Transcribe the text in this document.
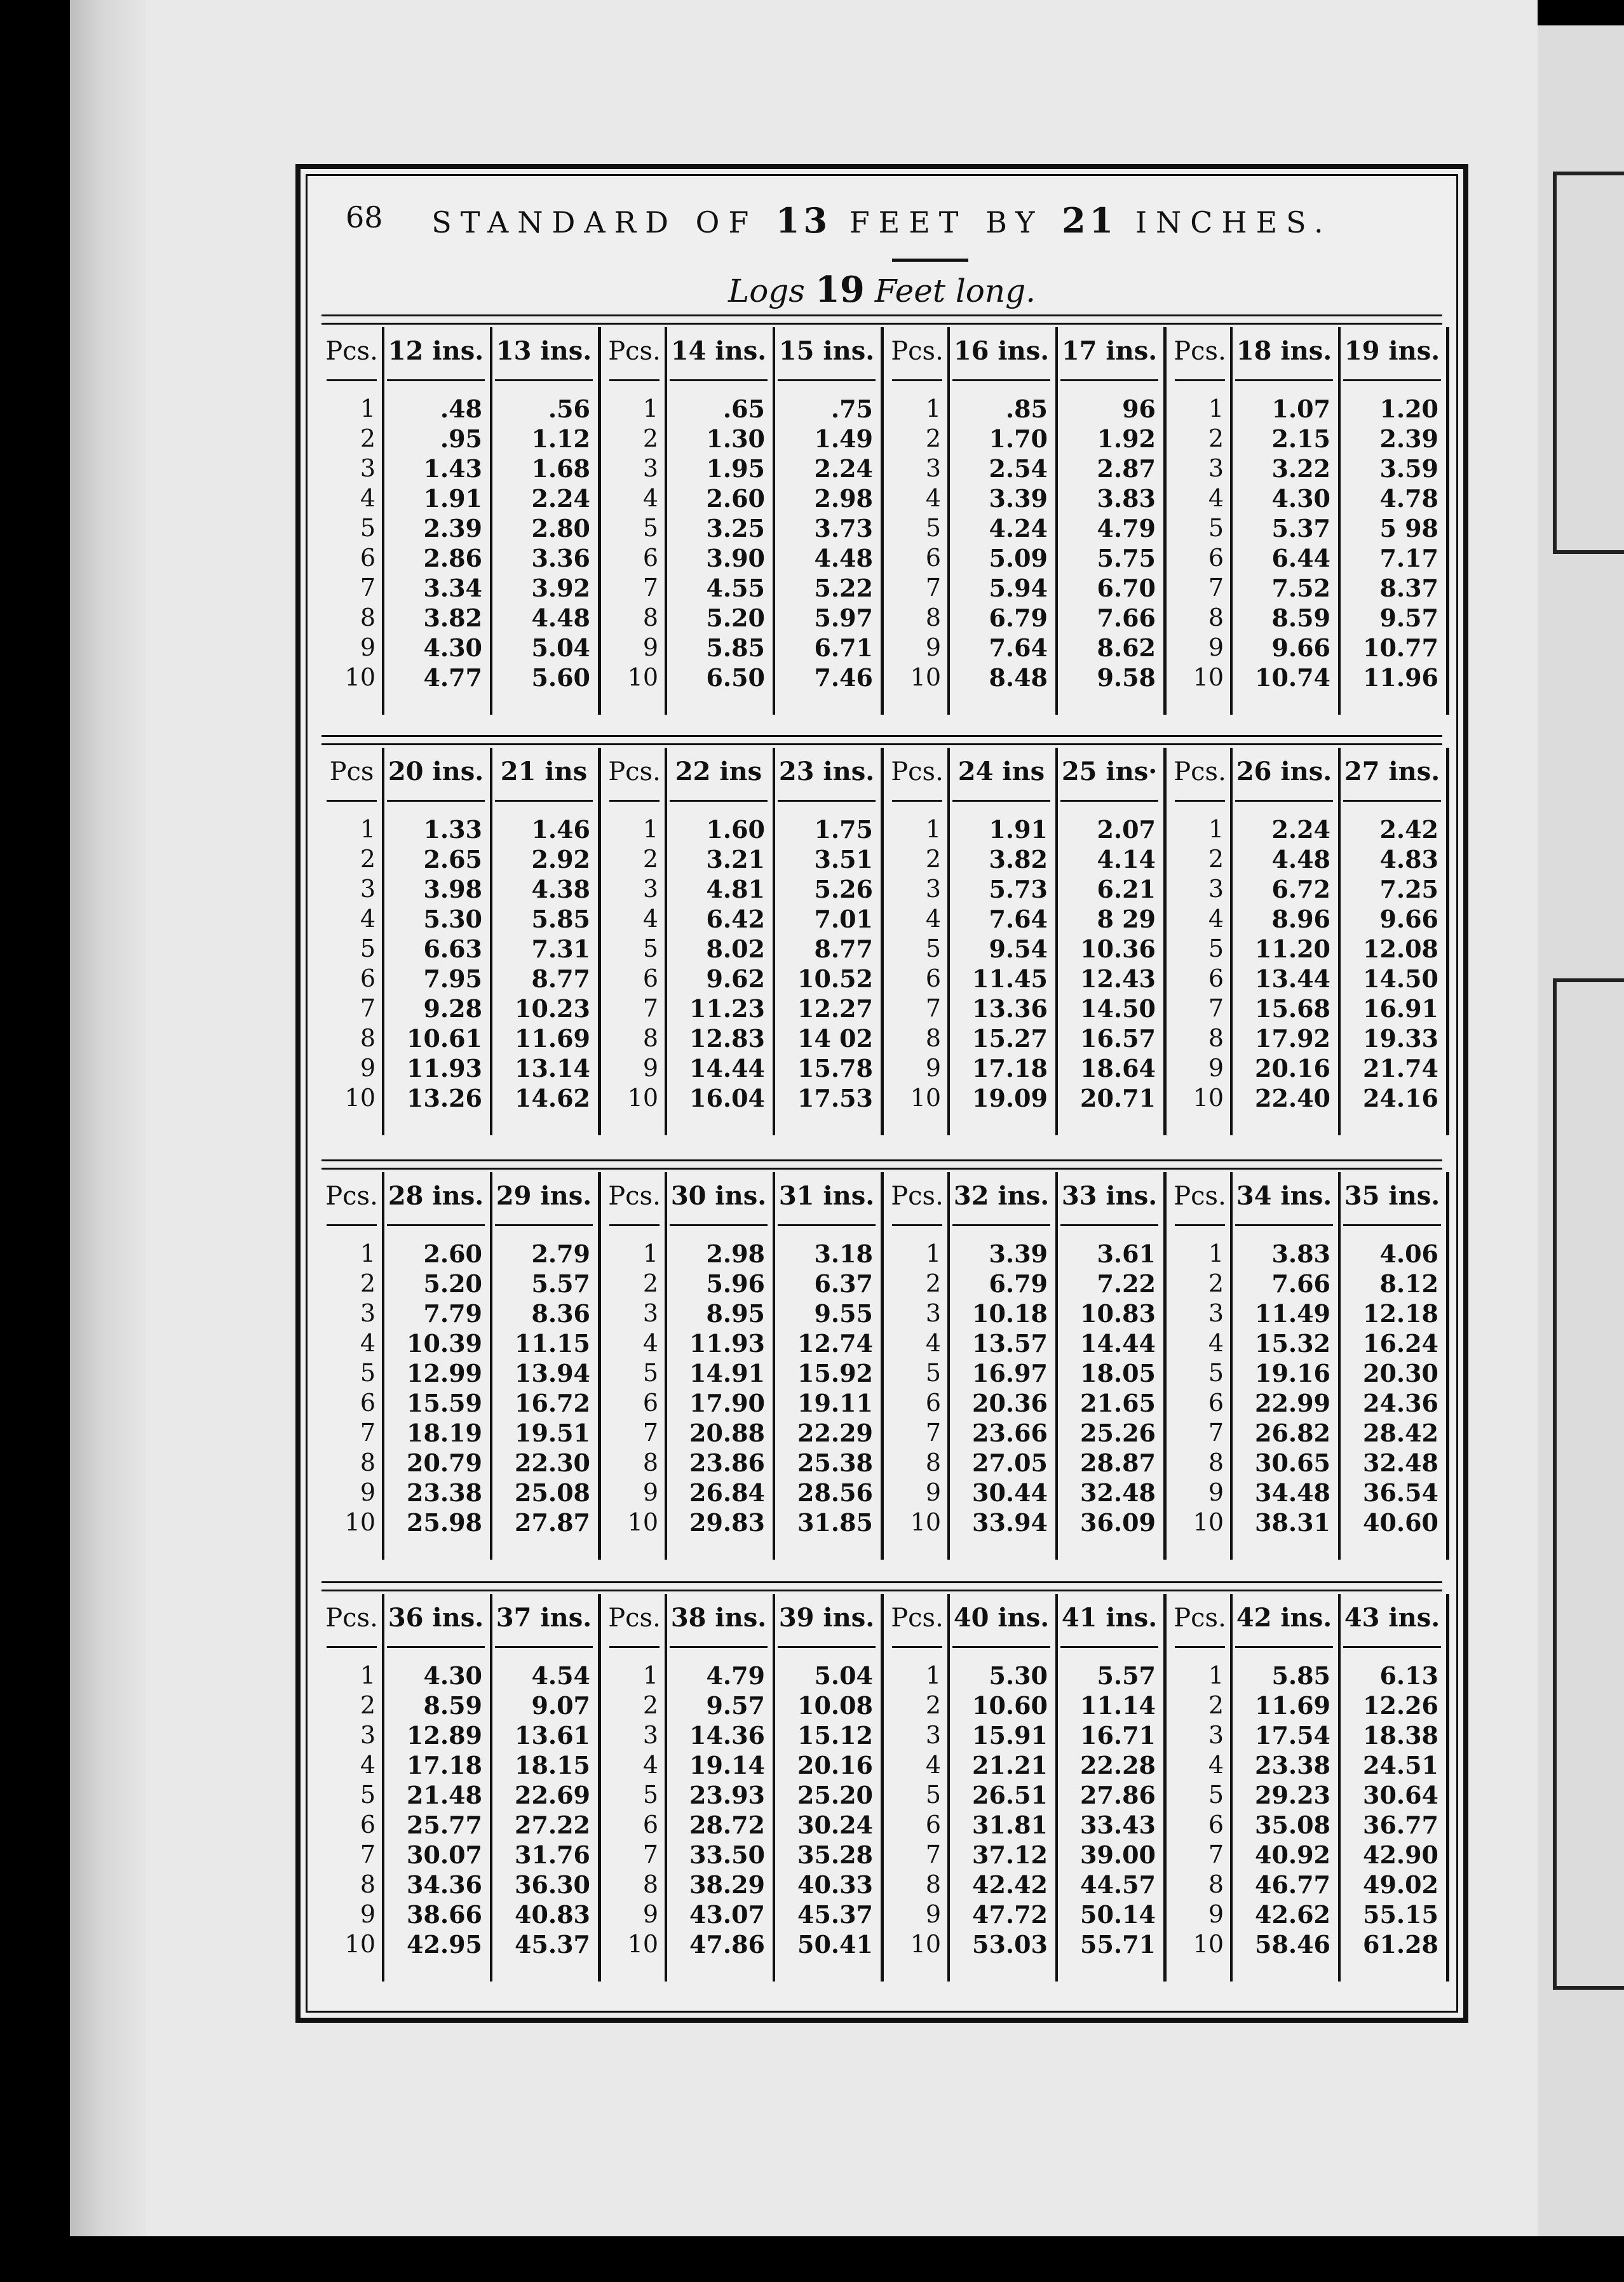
68	STANDARD OF 13 FEET BY 21 INCHES.
Logs 19 Feet long.
Pcs.
1
2
3
4
5
6
7
8
9
10
12 ins.
.48
.95
1.43
1.91
2.39
2.86
3.34
3.82
4.30
4.77
13 ins.
.56
1.12
1.68
2.24
2.80
3.36
3.92
4.48
5.04
5.60
Pcs.
1
2
3
4
5
6
7
8
9
10
14 ins.
.65
1.30
1.95
2.60
3.25
3.90
4.55
5.20
5.85
6.50
15 ins.
.75
1.49
2.24
2.98
3.73
4.48
5.22
5.97
6.71
7.46
Pcs.
1
2
3
4
5
6
7
8
9
10
16 ins.
.85
1.70
2.54
3.39
4.24
5.09
5.94
6.79
7.64
8.48
17 ins.
96
1.92
2.87
3.83
4.79
5.75
6.70
7.66
8.62
9.58
Pcs.
1
2
3
4
5
6
7
8
9
10
18 ins.
1.07
2.15
3.22
4.30
5.37
6.44
7.52
8.59
9.66
10.74
19 ins.
1.20
2.39
3.59
4.78
5 98
7.17
8.37
9.57
10.77
11.96
Pcs
1
2
3
4
5
6
7
8
9
10
20 ins.
1.33
2.65
3.98
5.30
6.63
7.95
9.28
10.61
11.93
13.26
21 ins
1.46
2.92
4.38
5.85
7.31
8.77
10.23
11.69
13.14
14.62
Pcs.
1
2
3
4
5
6
7
8
9
10
22 ins
1.60
3.21
4.81
6.42
8.02
9.62
11.23
12.83
14.44
16.04
23 ins.
1.75
3.51
5.26
7.01
8.77
10.52
12.27
14 02
15.78
17.53
Pcs.
1
2
3
4
5
6
7
8
9
10
24 ins
1.91
3.82
5.73
7.64
9.54
11.45
13.36
15.27
17.18
19.09
25 ins·
2.07
4.14
6.21
8 29
10.36
12.43
14.50
16.57
18.64
20.71
Pcs.
1
2
3
4
5
6
7
8
9
10
26 ins.
2.24
4.48
6.72
8.96
11.20
13.44
15.68
17.92
20.16
22.40
27 ins.
2.42
4.83
7.25
9.66
12.08
14.50
16.91
19.33
21.74
24.16
Pcs.
1
2
3
4
5
6
7
8
9
10
28 ins.
2.60
5.20
7.79
10.39
12.99
15.59
18.19
20.79
23.38
25.98
29 ins.
2.79
5.57
8.36
11.15
13.94
16.72
19.51
22.30
25.08
27.87
Pcs.
1
2
3
4
5
6
7
8
9
10
30 ins.
2.98
5.96
8.95
11.93
14.91
17.90
20.88
23.86
26.84
29.83
31 ins.
3.18
6.37
9.55
12.74
15.92
19.11
22.29
25.38
28.56
31.85
Pcs.
1
2
3
4
5
6
7
8
9
10
32 ins.
3.39
6.79
10.18
13.57
16.97
20.36
23.66
27.05
30.44
33.94
33 ins.
3.61
7.22
10.83
14.44
18.05
21.65
25.26
28.87
32.48
36.09
Pcs.
1
2
3
4
5
6
7
8
9
10
34 ins.
3.83
7.66
11.49
15.32
19.16
22.99
26.82
30.65
34.48
38.31
35 ins.
4.06
8.12
12.18
16.24
20.30
24.36
28.42
32.48
36.54
40.60
Pcs.
1
2
3
4
5
6
7
8
9
10
36 ins.
4.30
8.59
12.89
17.18
21.48
25.77
30.07
34.36
38.66
42.95
37 ins.
4.54
9.07
13.61
18.15
22.69
27.22
31.76
36.30
40.83
45.37
Pcs.
1
2
3
4
5
6
7
8
9
10
38 ins.
4.79
9.57
14.36
19.14
23.93
28.72
33.50
38.29
43.07
47.86
39 ins.
5.04
10.08
15.12
20.16
25.20
30.24
35.28
40.33
45.37
50.41
Pcs.
1
2
3
4
5
6
7
8
9
10
40 ins.
5.30
10.60
15.91
21.21
26.51
31.81
37.12
42.42
47.72
53.03
41 ins.
5.57
11.14
16.71
22.28
27.86
33.43
39.00
44.57
50.14
55.71
Pcs.
1
2
3
4
5
6
7
8
9
10
42 ins.
5.85
11.69
17.54
23.38
29.23
35.08
40.92
46.77
42.62
58.46
43 ins.
6.13
12.26
18.38
24.51
30.64
36.77
42.90
49.02
55.15
61.28
